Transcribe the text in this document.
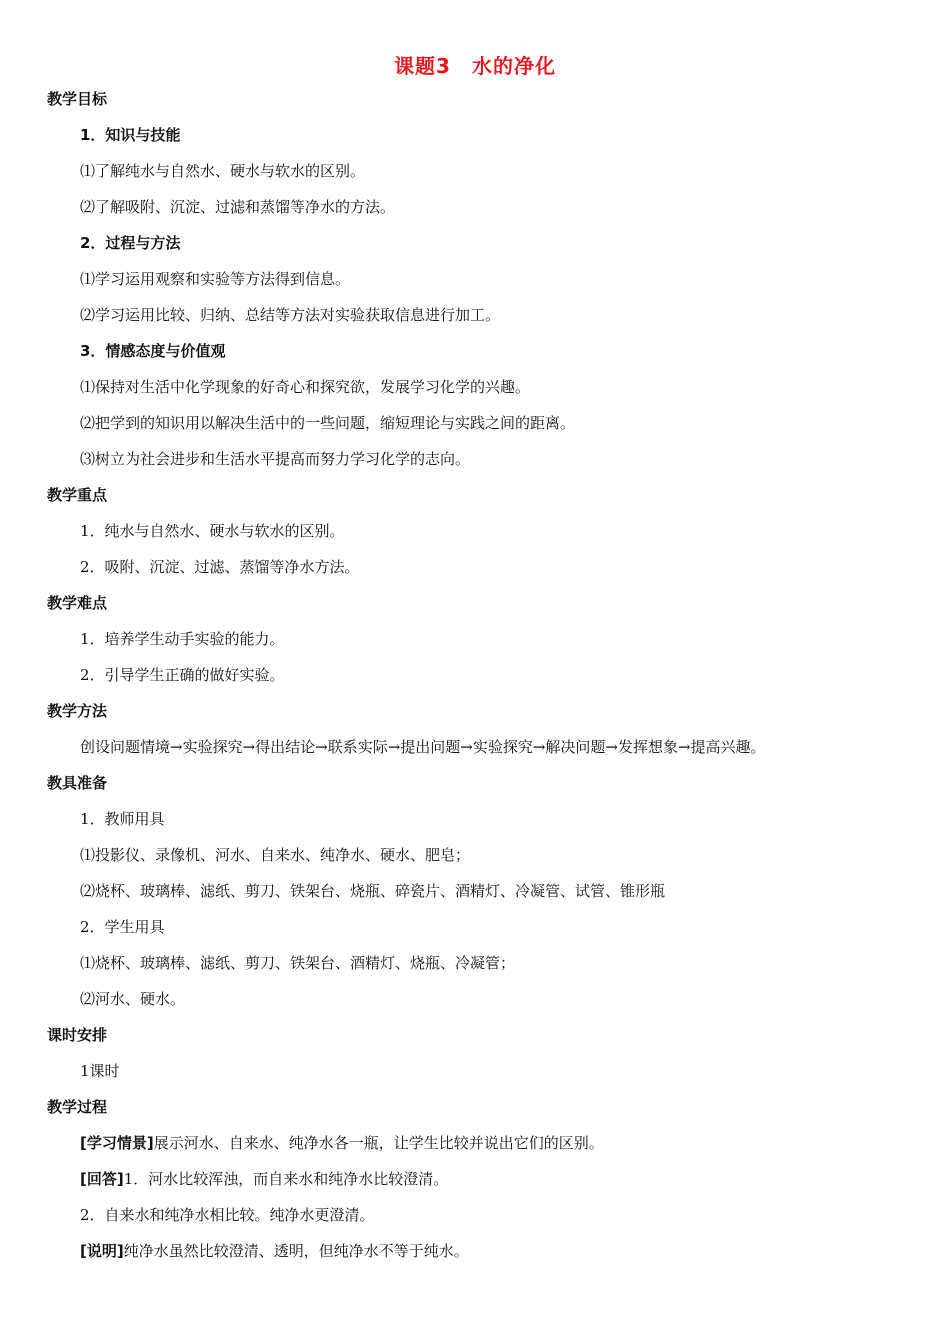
课题3　水的净化
教学目标
1．知识与技能
⑴了解纯水与自然水、硬水与软水的区别。
⑵了解吸附、沉淀、过滤和蒸馏等净水的方法。
2．过程与方法
⑴学习运用观察和实验等方法得到信息。
⑵学习运用比较、归纳、总结等方法对实验获取信息进行加工。
3．情感态度与价值观
⑴保持对生活中化学现象的好奇心和探究欲，发展学习化学的兴趣。
⑵把学到的知识用以解决生活中的一些问题，缩短理论与实践之间的距离。
⑶树立为社会进步和生活水平提高而努力学习化学的志向。
教学重点
1．纯水与自然水、硬水与软水的区别。
2．吸附、沉淀、过滤、蒸馏等净水方法。
教学难点
1．培养学生动手实验的能力。
2．引导学生正确的做好实验。
教学方法
创设问题情境→实验探究→得出结论→联系实际→提出问题→实验探究→解决问题→发挥想象→提高兴趣。
教具准备
1．教师用具
⑴投影仪、录像机、河水、自来水、纯净水、硬水、肥皂；
⑵烧杯、玻璃棒、滤纸、剪刀、铁架台、烧瓶、碎瓷片、酒精灯、冷凝管、试管、锥形瓶
2．学生用具
⑴烧杯、玻璃棒、滤纸、剪刀、铁架台、酒精灯、烧瓶、冷凝管；
⑵河水、硬水。
课时安排
1课时
教学过程
[学习情景]展示河水、自来水、纯净水各一瓶，让学生比较并说出它们的区别。
[回答]1．河水比较浑浊，而自来水和纯净水比较澄清。
2．自来水和纯净水相比较。纯净水更澄清。
[说明]纯净水虽然比较澄清、透明，但纯净水不等于纯水。
